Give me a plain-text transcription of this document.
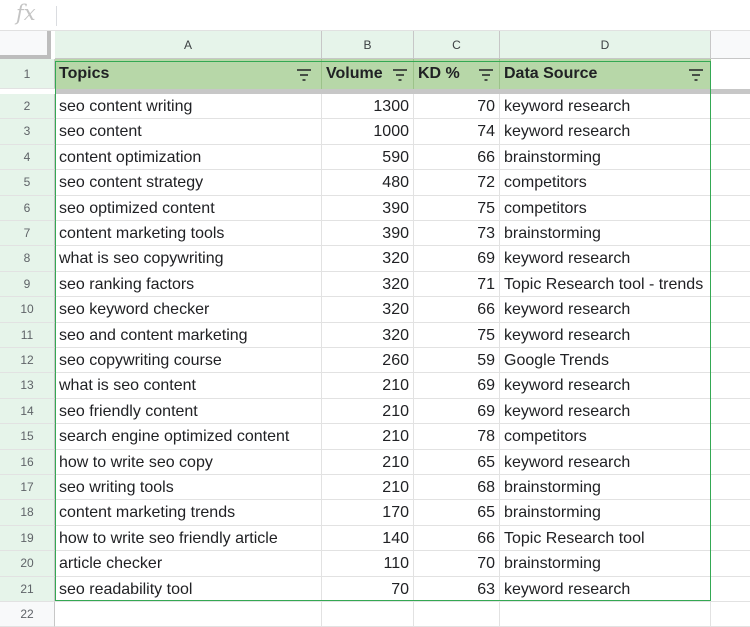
fx
A	B	C	D
1	Topics	Volume	KD %	Data Source
2	seo content writing	1300	70 keyword research
3	seo content	1000	74 keyword research
4	content optimization	590	66 brainstorming
5	seo content strategy	480	72 competitors
6	seo optimized content	390	75 competitors
7	content marketing tools	390	73 brainstorming
8	what is seo copywriting	320	69 keyword research
9	seo ranking factors	320	71 Topic Research tool - trends
10	seo keyword checker	320	66 keyword research
11	seo and content marketing	320	75 keyword research
12	seo copywriting course	260	59 Google Trends
13	what is seo content	210	69 keyword research
14	seo friendly content	210	69 keyword research
15	search engine optimized content	210	78 competitors
16	how to write seo copy	210	65 keyword research
17	seo writing tools	210	68 brainstorming
18	content marketing trends	170	65 brainstorming
19	how to write seo friendly article	140	66 Topic Research tool
20	article checker	110	70 brainstorming
21	seo readability tool	70	63 keyword research
22
